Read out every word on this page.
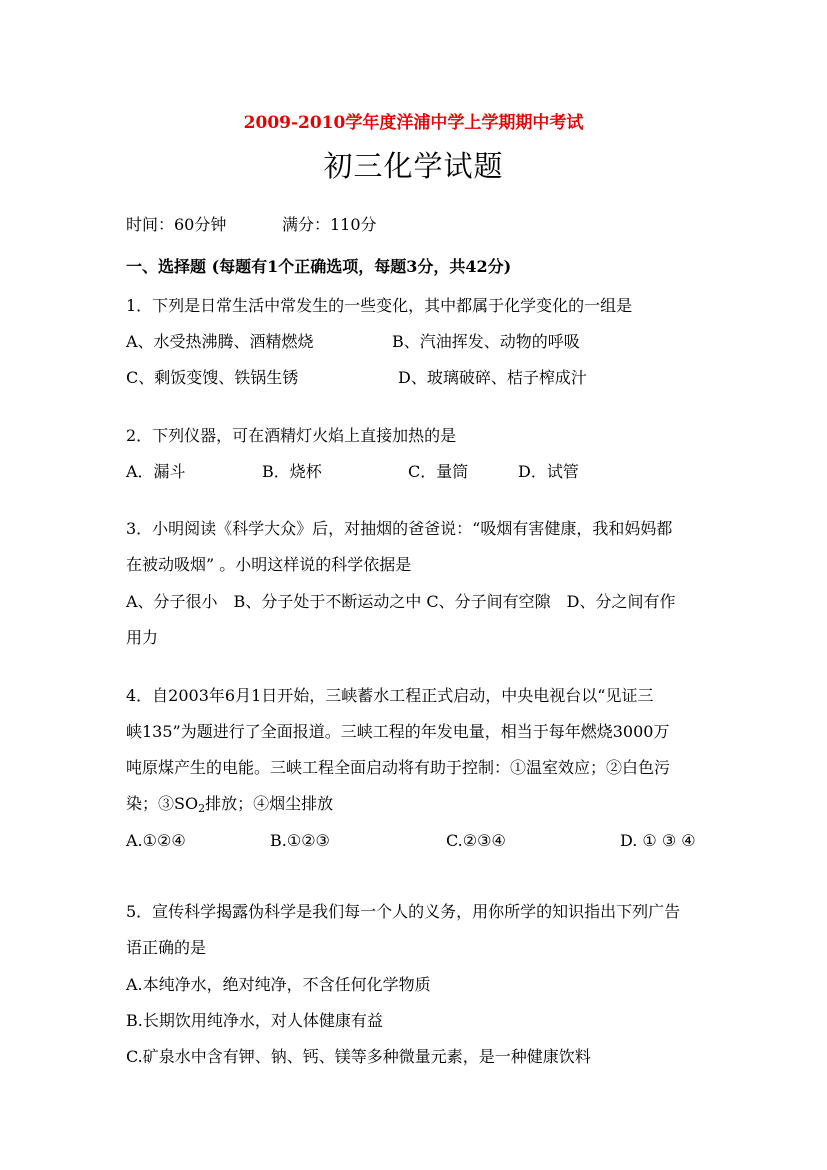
2009-2010学年度洋浦中学上学期期中考试
初三化学试题
时间：60分钟	满分：110分
一、选择题 (每题有1个正确选项，每题3分，共42分)
1．下列是日常生活中常发生的一些变化，其中都属于化学变化的一组是
A、水受热沸腾、酒精燃烧	B、汽油挥发、动物的呼吸
C、剩饭变馊、铁锅生锈	D、玻璃破碎、桔子榨成汁
2．下列仪器，可在酒精灯火焰上直接加热的是
A．漏斗	B．烧杯	C．量筒	D．试管
3．小明阅读《科学大众》后，对抽烟的爸爸说：“吸烟有害健康，我和妈妈都
在被动吸烟” 。小明这样说的科学依据是
A、分子很小　B、分子处于不断运动之中 C、分子间有空隙　D、分之间有作
用力
4．自2003年6月1日开始，三峡蓄水工程正式启动，中央电视台以“见证三
峡135”为题进行了全面报道。三峡工程的年发电量，相当于每年燃烧3000万
吨原煤产生的电能。三峡工程全面启动将有助于控制：①温室效应；②白色污
染；$③SO_2$排放；④烟尘排放
A.①②④	B.①②③	C.②③④	D. ① ③ ④
5．宣传科学揭露伪科学是我们每一个人的义务，用你所学的知识指出下列广告
语正确的是
A.本纯净水，绝对纯净，不含任何化学物质
B.长期饮用纯净水，对人体健康有益
C.矿泉水中含有钾、钠、钙、镁等多种微量元素，是一种健康饮料
